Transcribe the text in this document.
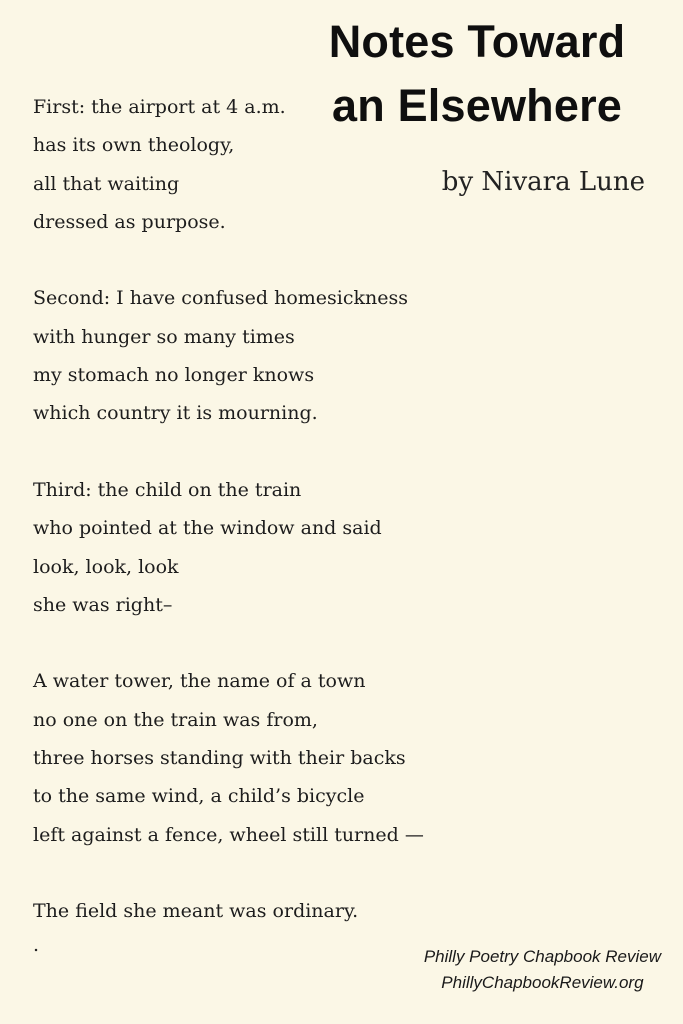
Notes Toward
an Elsewhere
by Nivara Lune
First: the airport at 4 a.m.
has its own theology,
all that waiting
dressed as purpose.
Second: I have confused homesickness
with hunger so many times
my stomach no longer knows
which country it is mourning.
Third: the child on the train
who pointed at the window and said
look, look, look
she was right–
A water tower, the name of a town
no one on the train was from,
three horses standing with their backs
to the same wind, a child’s bicycle
left against a fence, wheel still turned —
The field she meant was ordinary.
.
Philly Poetry Chapbook Review
PhillyChapbookReview.org
